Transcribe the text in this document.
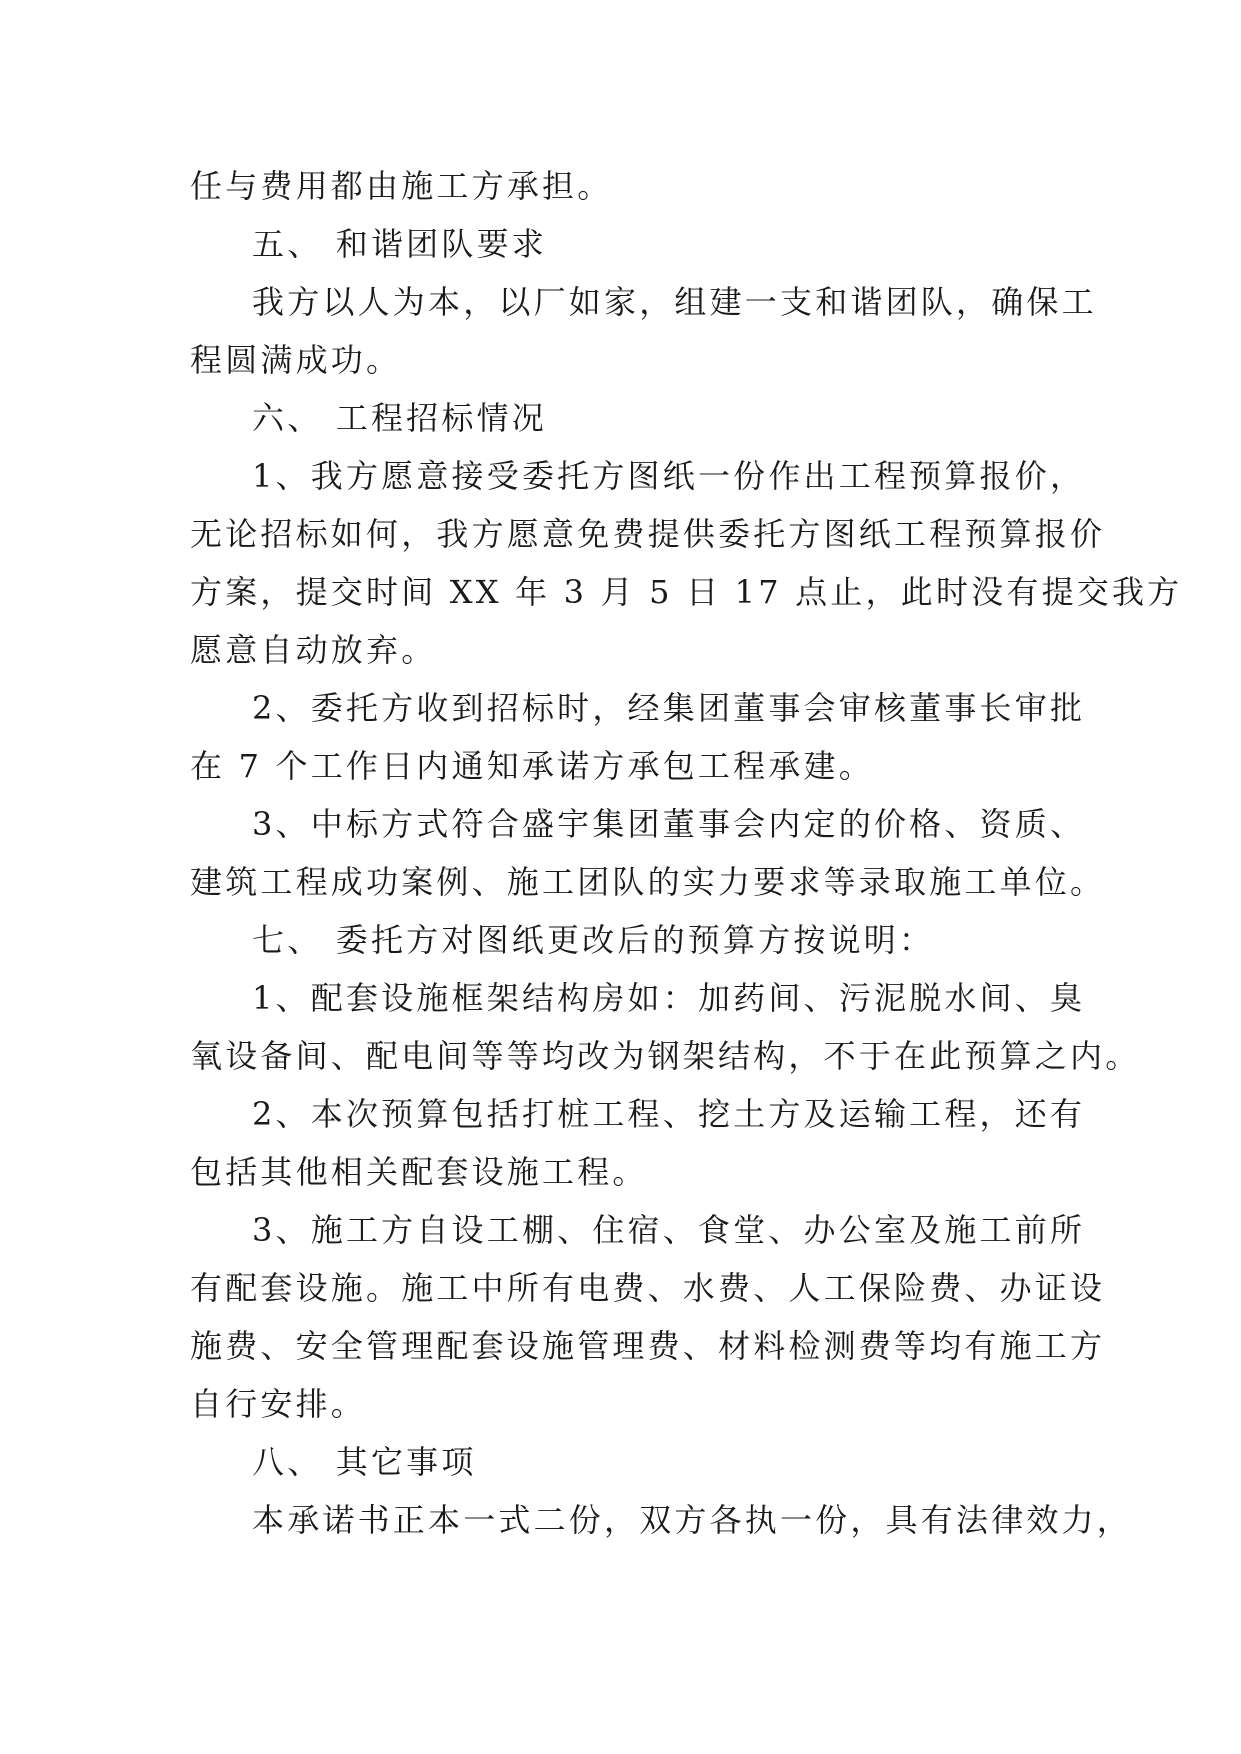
任与费用都由施工方承担。

五、 和谐团队要求

我方以人为本，以厂如家，组建一支和谐团队，确保工

程圆满成功。

六、 工程招标情况

1、我方愿意接受委托方图纸一份作出工程预算报价，

无论招标如何，我方愿意免费提供委托方图纸工程预算报价

方案，提交时间 XX 年 3 月 5 日 17 点止，此时没有提交我方

愿意自动放弃。

2、委托方收到招标时，经集团董事会审核董事长审批

在 7 个工作日内通知承诺方承包工程承建。

3、中标方式符合盛宇集团董事会内定的价格、资质、

建筑工程成功案例、施工团队的实力要求等录取施工单位。

七、 委托方对图纸更改后的预算方按说明：

1、配套设施框架结构房如：加药间、污泥脱水间、臭

氧设备间、配电间等等均改为钢架结构，不于在此预算之内。

2、本次预算包括打桩工程、挖土方及运输工程，还有

包括其他相关配套设施工程。

3、施工方自设工棚、住宿、食堂、办公室及施工前所

有配套设施。施工中所有电费、水费、人工保险费、办证设

施费、安全管理配套设施管理费、材料检测费等均有施工方

自行安排。

八、 其它事项

本承诺书正本一式二份，双方各执一份，具有法律效力，
